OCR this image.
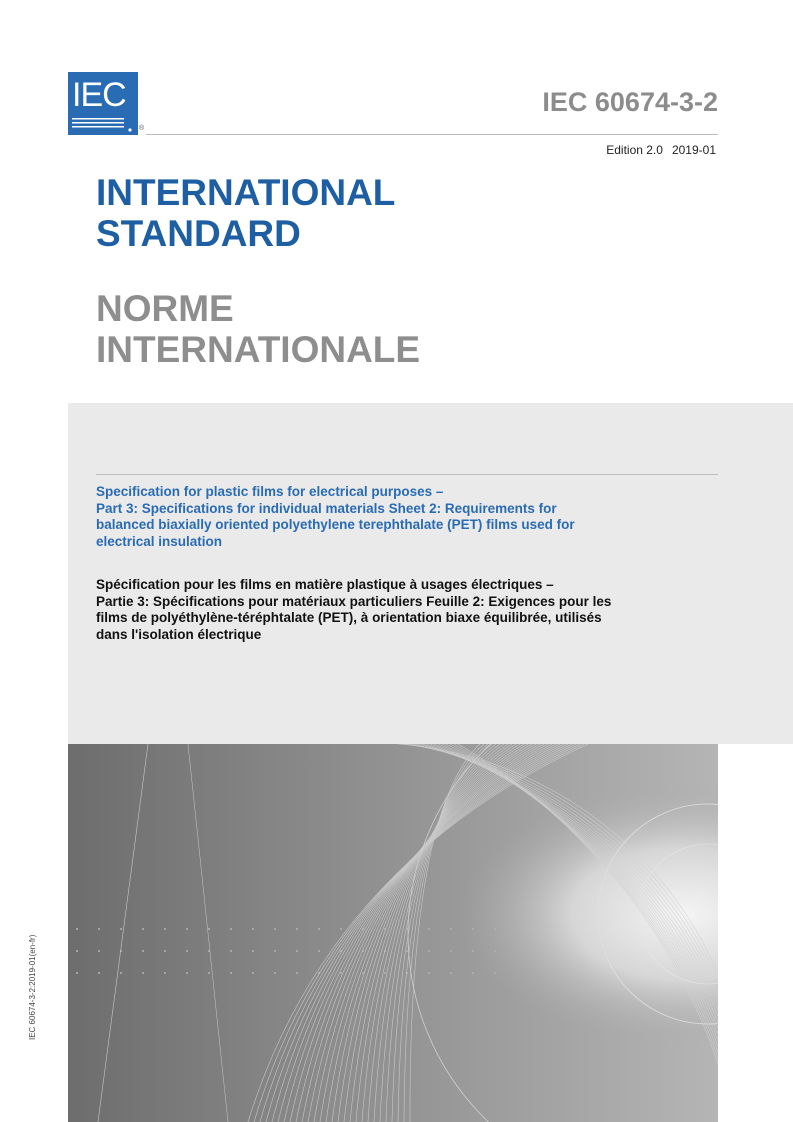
IEC
®
IEC 60674-3-2
Edition 2.0 2019-01
INTERNATIONAL
STANDARD
NORME
INTERNATIONALE

Specification for plastic films for electrical purposes –
Part 3: Specifications for individual materials Sheet 2: Requirements for
balanced biaxially oriented polyethylene terephthalate (PET) films used for
electrical insulation

Spécification pour les films en matière plastique à usages électriques –
Partie 3: Spécifications pour matériaux particuliers Feuille 2: Exigences pour les
films de polyéthylène-téréphtalate (PET), à orientation biaxe équilibrée, utilisés
dans l'isolation électrique

IEC 60674-3-2:2019-01(en-fr)
